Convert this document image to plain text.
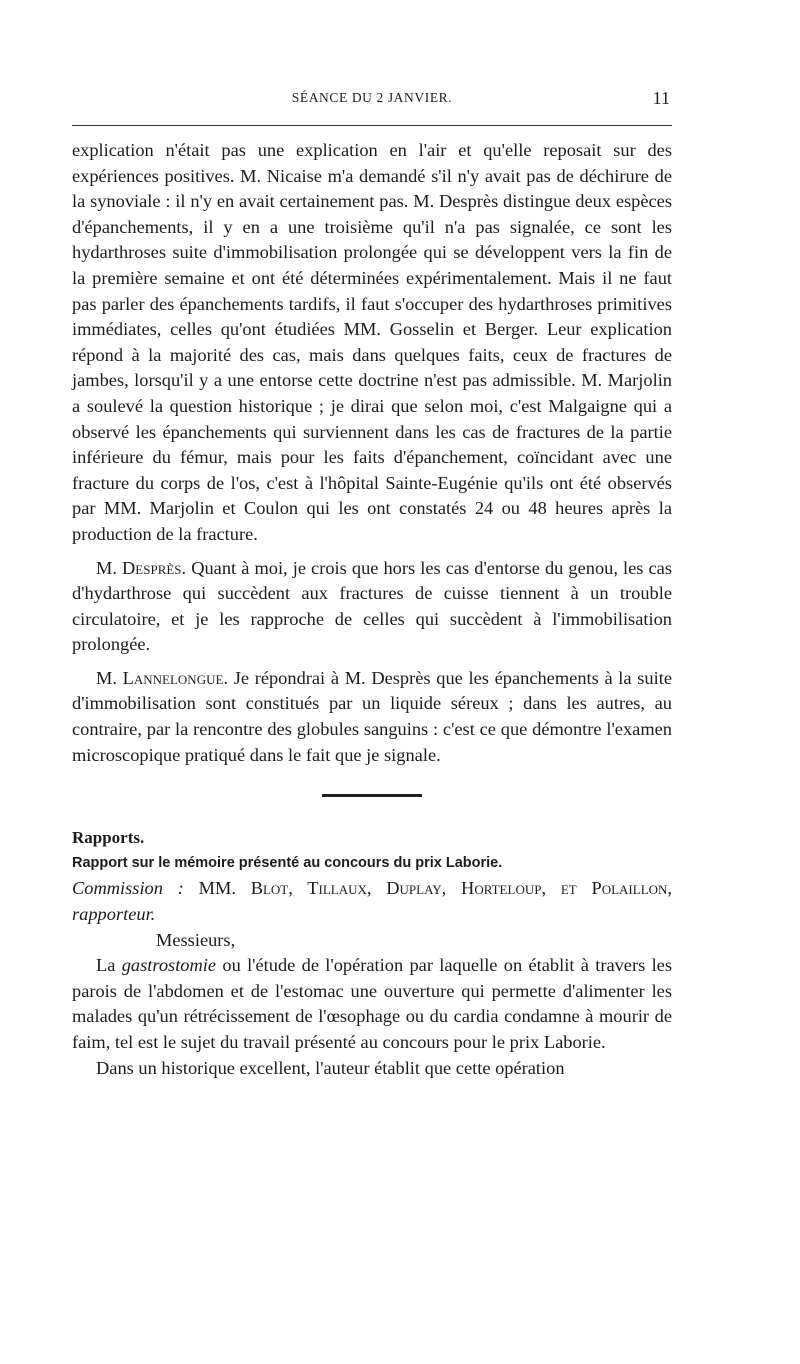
SÉANCE DU 2 JANVIER.	11

explication n'était pas une explication en l'air et qu'elle reposait sur des expériences positives. M. Nicaise m'a demandé s'il n'y avait pas de déchirure de la synoviale : il n'y en avait certainement pas. M. Desprès distingue deux espèces d'épanchements, il y en a une troisième qu'il n'a pas signalée, ce sont les hydarthroses suite d'immobilisation prolongée qui se développent vers la fin de la première semaine et ont été déterminées expérimentalement. Mais il ne faut pas parler des épanchements tardifs, il faut s'occuper des hydarthroses primitives immédiates, celles qu'ont étudiées MM. Gosselin et Berger. Leur explication répond à la majorité des cas, mais dans quelques faits, ceux de fractures de jambes, lorsqu'il y a une entorse cette doctrine n'est pas admissible. M. Marjolin a soulevé la question historique ; je dirai que selon moi, c'est Malgaigne qui a observé les épanchements qui surviennent dans les cas de fractures de la partie inférieure du fémur, mais pour les faits d'épanchement, coïncidant avec une fracture du corps de l'os, c'est à l'hôpital Sainte-Eugénie qu'ils ont été observés par MM. Marjolin et Coulon qui les ont constatés 24 ou 48 heures après la production de la fracture.

M. Desprès. Quant à moi, je crois que hors les cas d'entorse du genou, les cas d'hydarthrose qui succèdent aux fractures de cuisse tiennent à un trouble circulatoire, et je les rapproche de celles qui succèdent à l'immobilisation prolongée.

M. Lannelongue. Je répondrai à M. Desprès que les épanchements à la suite d'immobilisation sont constitués par un liquide séreux ; dans les autres, au contraire, par la rencontre des globules sanguins : c'est ce que démontre l'examen microscopique pratiqué dans le fait que je signale.

Rapports.

Rapport sur le mémoire présenté au concours du prix Laborie.

Commission : MM. Blot, Tillaux, Duplay, Horteloup, et Polaillon, rapporteur.

Messieurs,

La gastrostomie ou l'étude de l'opération par laquelle on établit à travers les parois de l'abdomen et de l'estomac une ouverture qui permette d'alimenter les malades qu'un rétrécissement de l'œsophage ou du cardia condamne à mourir de faim, tel est le sujet du travail présenté au concours pour le prix Laborie.

Dans un historique excellent, l'auteur établit que cette opération
